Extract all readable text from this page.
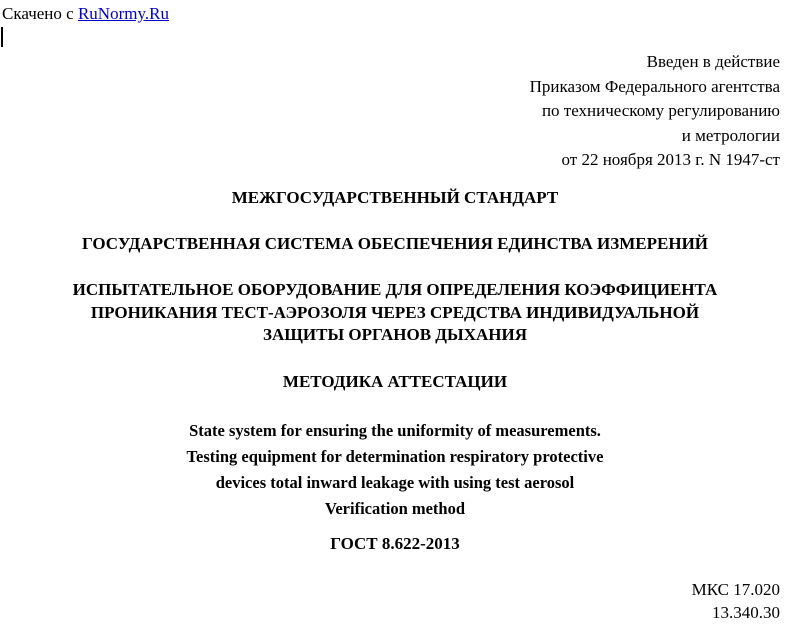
Скачено с RuNormy.Ru
Введен в действие
Приказом Федерального агентства
по техническому регулированию
и метрологии
от 22 ноября 2013 г. N 1947-ст
МЕЖГОСУДАРСТВЕННЫЙ СТАНДАРТ
ГОСУДАРСТВЕННАЯ СИСТЕМА ОБЕСПЕЧЕНИЯ ЕДИНСТВА ИЗМЕРЕНИЙ
ИСПЫТАТЕЛЬНОЕ ОБОРУДОВАНИЕ ДЛЯ ОПРЕДЕЛЕНИЯ КОЭФФИЦИЕНТА
ПРОНИКАНИЯ ТЕСТ-АЭРОЗОЛЯ ЧЕРЕЗ СРЕДСТВА ИНДИВИДУАЛЬНОЙ
ЗАЩИТЫ ОРГАНОВ ДЫХАНИЯ
МЕТОДИКА АТТЕСТАЦИИ
State system for ensuring the uniformity of measurements.
Testing equipment for determination respiratory protective
devices total inward leakage with using test aerosol
Verification method
ГОСТ 8.622-2013
МКС 17.020
13.340.30
